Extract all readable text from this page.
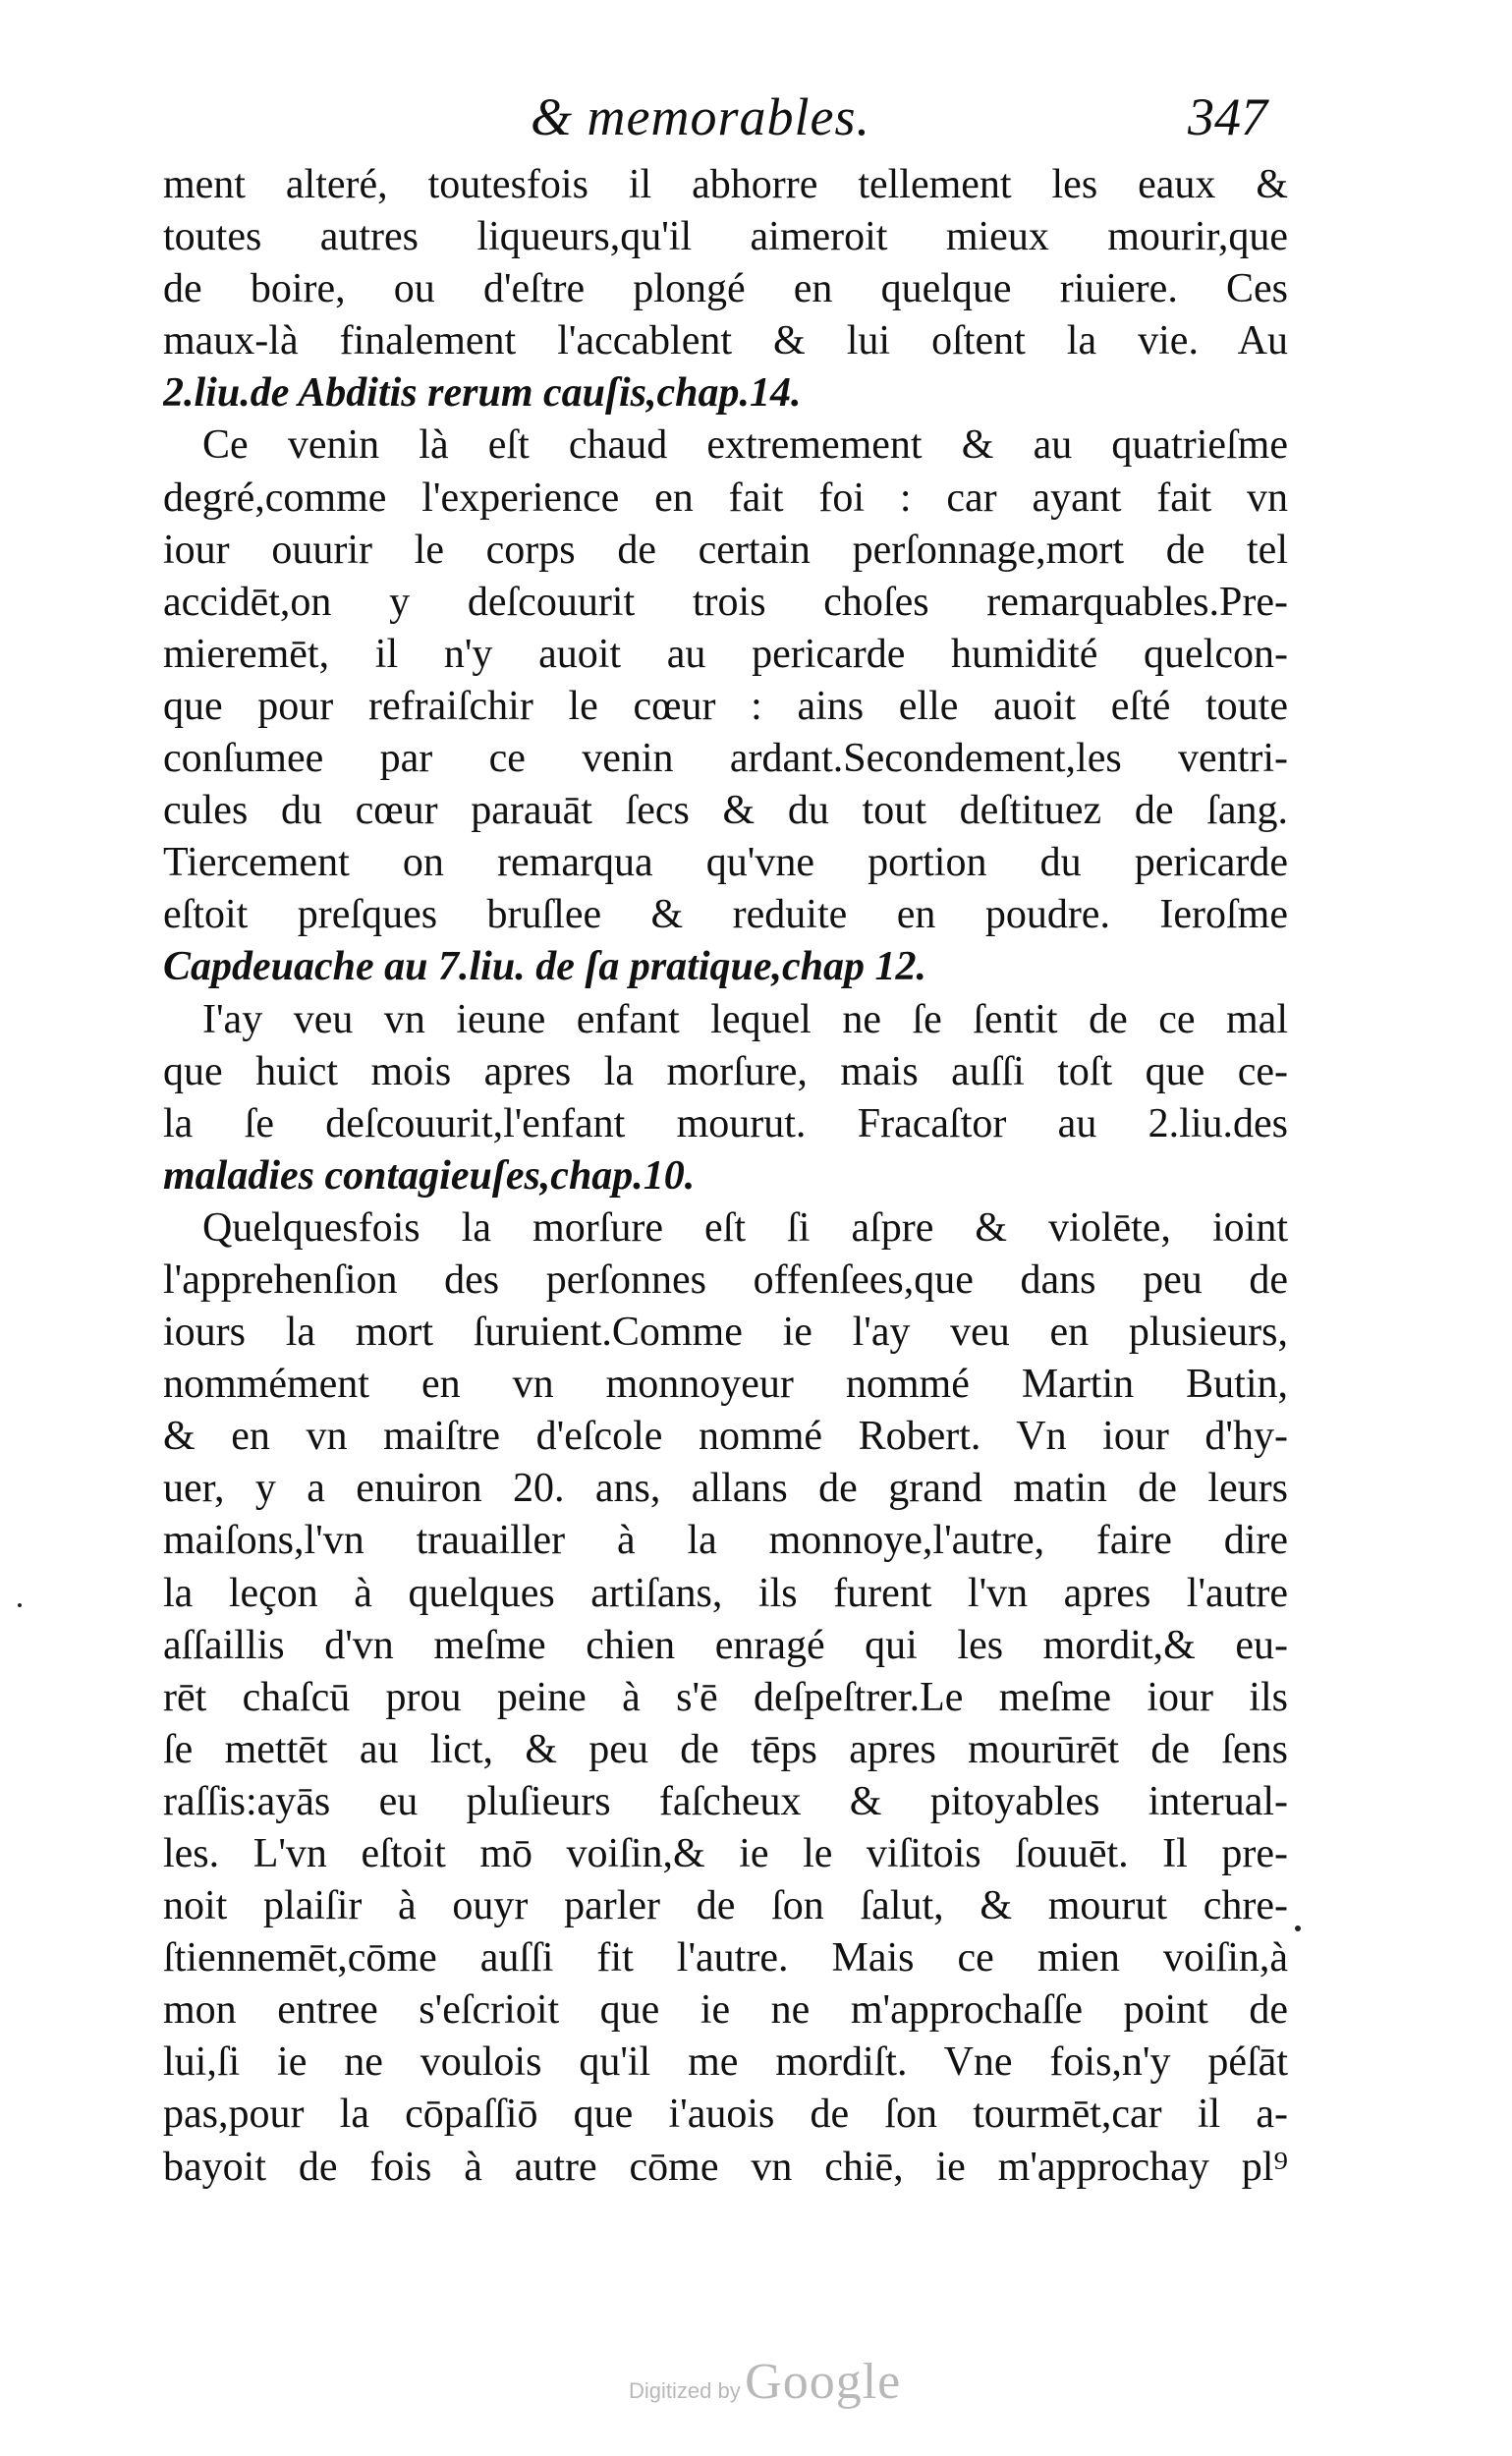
& memorables.	347
ment alteré, toutesfois il abhorre tellement les eaux &
toutes autres liqueurs,qu'il aimeroit mieux mourir,que
de boire, ou d'eſtre plongé en quelque riuiere. Ces
maux-là finalement l'accablent & lui oſtent la vie. Au
2.liu.de Abditis rerum cauſis,chap.14.
Ce venin là eſt chaud extremement & au quatrieſme
degré,comme l'experience en fait foi : car ayant fait vn
iour ouurir le corps de certain perſonnage,mort de tel
accidēt,on y deſcouurit trois choſes remarquables.Pre-
mieremēt, il n'y auoit au pericarde humidité quelcon-
que pour refraiſchir le cœur : ains elle auoit eſté toute
conſumee par ce venin ardant.Secondement,les ventri-
cules du cœur parauāt ſecs & du tout deſtituez de ſang.
Tiercement on remarqua qu'vne portion du pericarde
eſtoit preſques bruſlee & reduite en poudre. Ieroſme
Capdeuache au 7.liu. de ſa pratique,chap 12.
I'ay veu vn ieune enfant lequel ne ſe ſentit de ce mal
que huict mois apres la morſure, mais auſſi toſt que ce-
la ſe deſcouurit,l'enfant mourut. Fracaſtor au 2.liu.des
maladies contagieuſes,chap.10.
Quelquesfois la morſure eſt ſi aſpre & violēte, ioint
l'apprehenſion des perſonnes offenſees,que dans peu de
iours la mort ſuruient.Comme ie l'ay veu en plusieurs,
nommément en vn monnoyeur nommé Martin Butin,
& en vn maiſtre d'eſcole nommé Robert. Vn iour d'hy-
uer, y a enuiron 20. ans, allans de grand matin de leurs
maiſons,l'vn trauailler à la monnoye,l'autre, faire dire
la leçon à quelques artiſans, ils furent l'vn apres l'autre
aſſaillis d'vn meſme chien enragé qui les mordit,& eu-
rēt chaſcū prou peine à s'ē deſpeſtrer.Le meſme iour ils
ſe mettēt au lict, & peu de tēps apres mourūrēt de ſens
raſſis:ayās eu pluſieurs faſcheux & pitoyables interual-
les. L'vn eſtoit mō voiſin,& ie le viſitois ſouuēt. Il pre-
noit plaiſir à ouyr parler de ſon ſalut, & mourut chre-
ſtiennemēt,cōme auſſi fit l'autre. Mais ce mien voiſin,à
mon entree s'eſcrioit que ie ne m'approchaſſe point de
lui,ſi ie ne voulois qu'il me mordiſt. Vne fois,n'y péſāt
pas,pour la cōpaſſiō que i'auois de ſon tourmēt,car il a-
bayoit de fois à autre cōme vn chiē, ie m'approchay pl⁹
Digitized by Google
